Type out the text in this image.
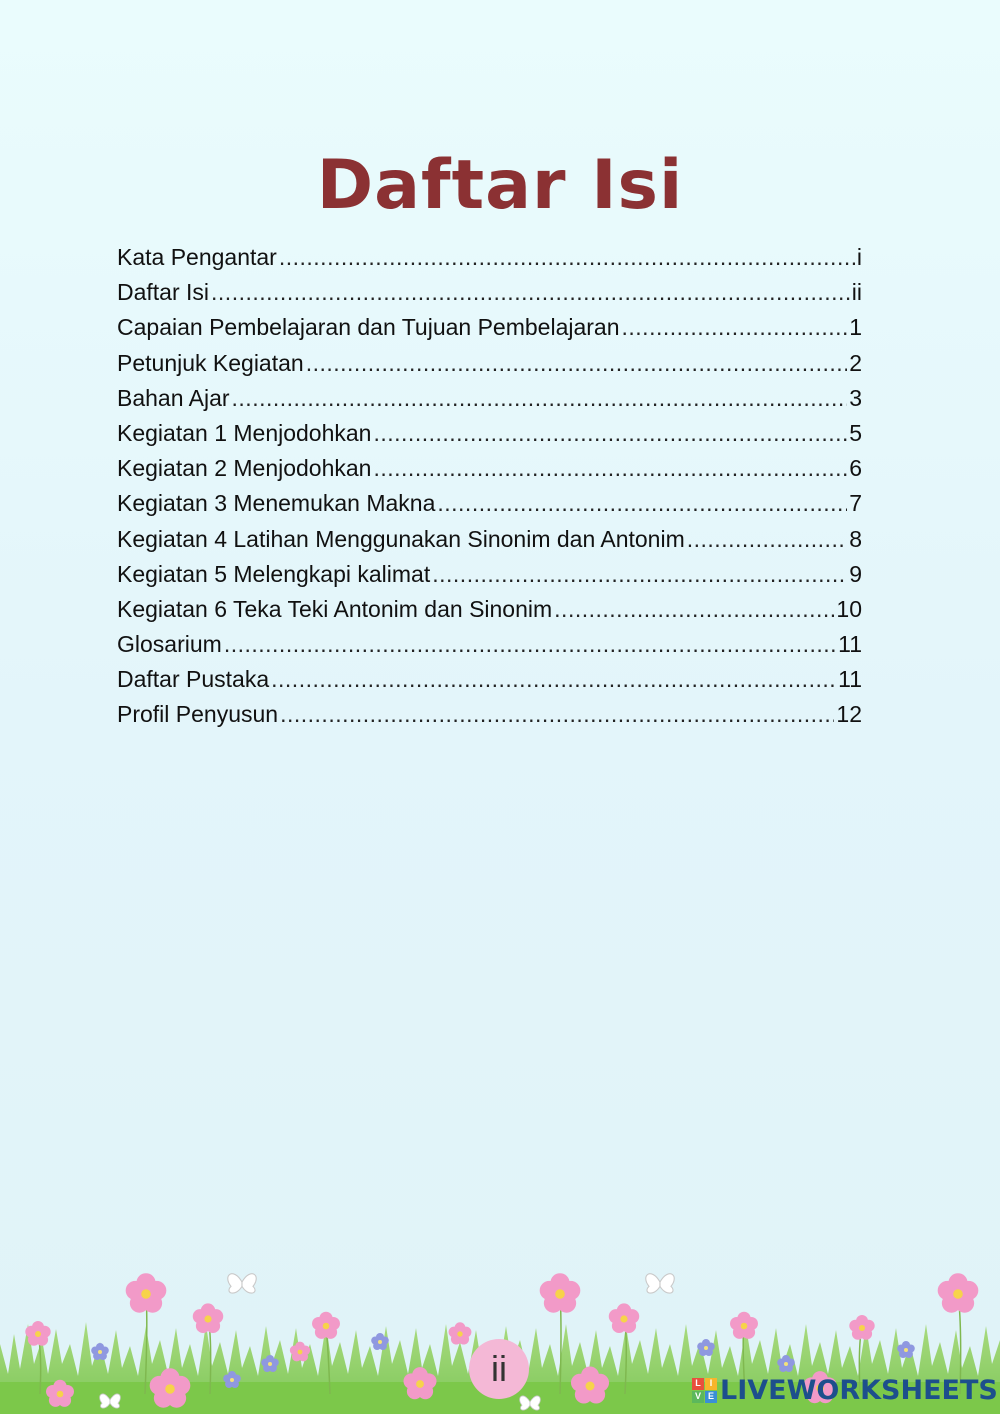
Daftar Isi
Kata Pengantar .....	i
Daftar Isi .....	ii
Capaian Pembelajaran dan Tujuan Pembelajaran .....	1
Petunjuk Kegiatan .....	2
Bahan Ajar .....	3
Kegiatan 1 Menjodohkan .....	5
Kegiatan 2 Menjodohkan .....	6
Kegiatan 3 Menemukan Makna .....	7
Kegiatan 4 Latihan Menggunakan Sinonim dan Antonim .....	8
Kegiatan 5 Melengkapi kalimat .....	9
Kegiatan 6 Teka Teki Antonim dan Sinonim .....	10
Glosarium .....	11
Daftar Pustaka .....	11
Profil Penyusun .....	12
ii	L I
V E LIVEWORKSHEETS
